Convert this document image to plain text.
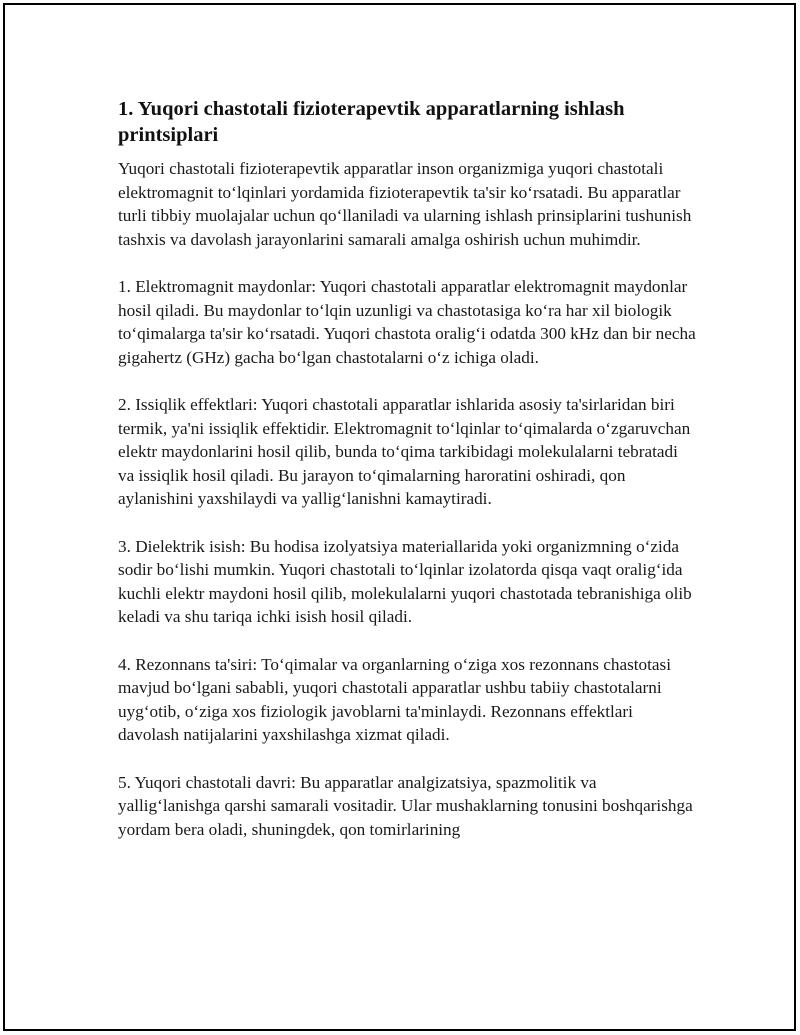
1. Yuqori chastotali fizioterapevtik apparatlarning ishlash printsiplari

Yuqori chastotali fizioterapevtik apparatlar inson organizmiga yuqori chastotali elektromagnit to‘lqinlari yordamida fizioterapevtik ta'sir ko‘rsatadi. Bu apparatlar turli tibbiy muolajalar uchun qo‘llaniladi va ularning ishlash prinsiplarini tushunish tashxis va davolash jarayonlarini samarali amalga oshirish uchun muhimdir.

1. Elektromagnit maydonlar: Yuqori chastotali apparatlar elektromagnit maydonlar hosil qiladi. Bu maydonlar to‘lqin uzunligi va chastotasiga ko‘ra har xil biologik to‘qimalarga ta'sir ko‘rsatadi. Yuqori chastota oralig‘i odatda 300 kHz dan bir necha gigahertz (GHz) gacha bo‘lgan chastotalarni o‘z ichiga oladi.

2. Issiqlik effektlari: Yuqori chastotali apparatlar ishlarida asosiy ta'sirlaridan biri termik, ya'ni issiqlik effektidir. Elektromagnit to‘lqinlar to‘qimalarda o‘zgaruvchan elektr maydonlarini hosil qilib, bunda to‘qima tarkibidagi molekulalarni tebratadi va issiqlik hosil qiladi. Bu jarayon to‘qimalarning haroratini oshiradi, qon aylanishini yaxshilaydi va yallig‘lanishni kamaytiradi.

3. Dielektrik isish: Bu hodisa izolyatsiya materiallarida yoki organizmning o‘zida sodir bo‘lishi mumkin. Yuqori chastotali to‘lqinlar izolatorda qisqa vaqt oralig‘ida kuchli elektr maydoni hosil qilib, molekulalarni yuqori chastotada tebranishiga olib keladi va shu tariqa ichki isish hosil qiladi.

4. Rezonnans ta'siri: To‘qimalar va organlarning o‘ziga xos rezonnans chastotasi mavjud bo‘lgani sababli, yuqori chastotali apparatlar ushbu tabiiy chastotalarni uyg‘otib, o‘ziga xos fiziologik javoblarni ta'minlaydi. Rezonnans effektlari davolash natijalarini yaxshilashga xizmat qiladi.

5. Yuqori chastotali davri: Bu apparatlar analgizatsiya, spazmolitik va yallig‘lanishga qarshi samarali vositadir. Ular mushaklarning tonusini boshqarishga yordam bera oladi, shuningdek, qon tomirlarining
